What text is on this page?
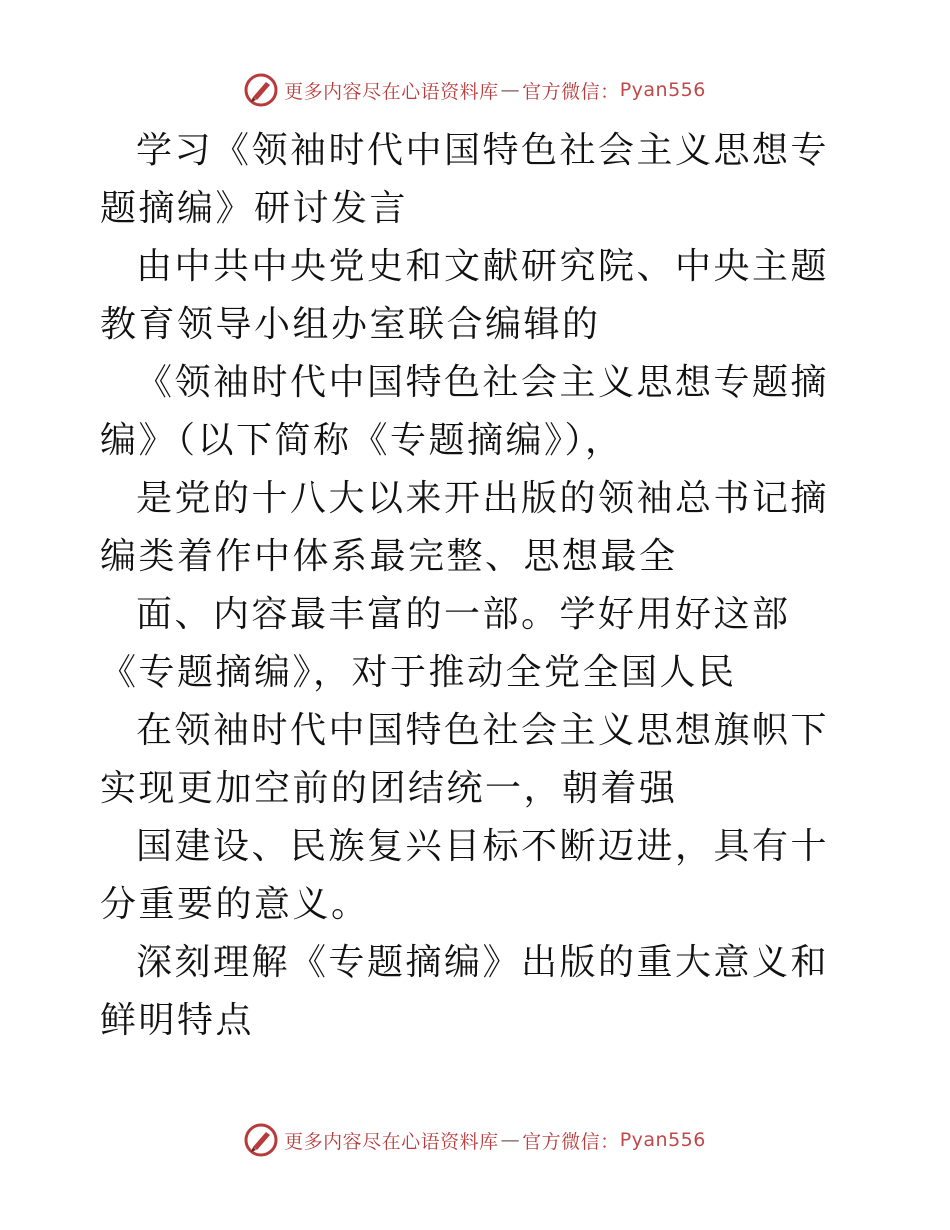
更多内容尽在心语资料库 — 官方微信： Pyan556

学习《领袖时代中国特色社会主义思想专题摘编》研讨发言

由中共中央党史和文献研究院、中央主题教育领导小组办室联合编辑的

《领袖时代中国特色社会主义思想专题摘编》（以下简称《专题摘编》），

是党的十八大以来开出版的领袖总书记摘编类着作中体系最完整、思想最全

面、内容最丰富的一部。学好用好这部《专题摘编》，对于推动全党全国人民

在领袖时代中国特色社会主义思想旗帜下实现更加空前的团结统一，朝着强

国建设、民族复兴目标不断迈进，具有十分重要的意义。

深刻理解《专题摘编》出版的重大意义和鲜明特点

更多内容尽在心语资料库 — 官方微信： Pyan556
